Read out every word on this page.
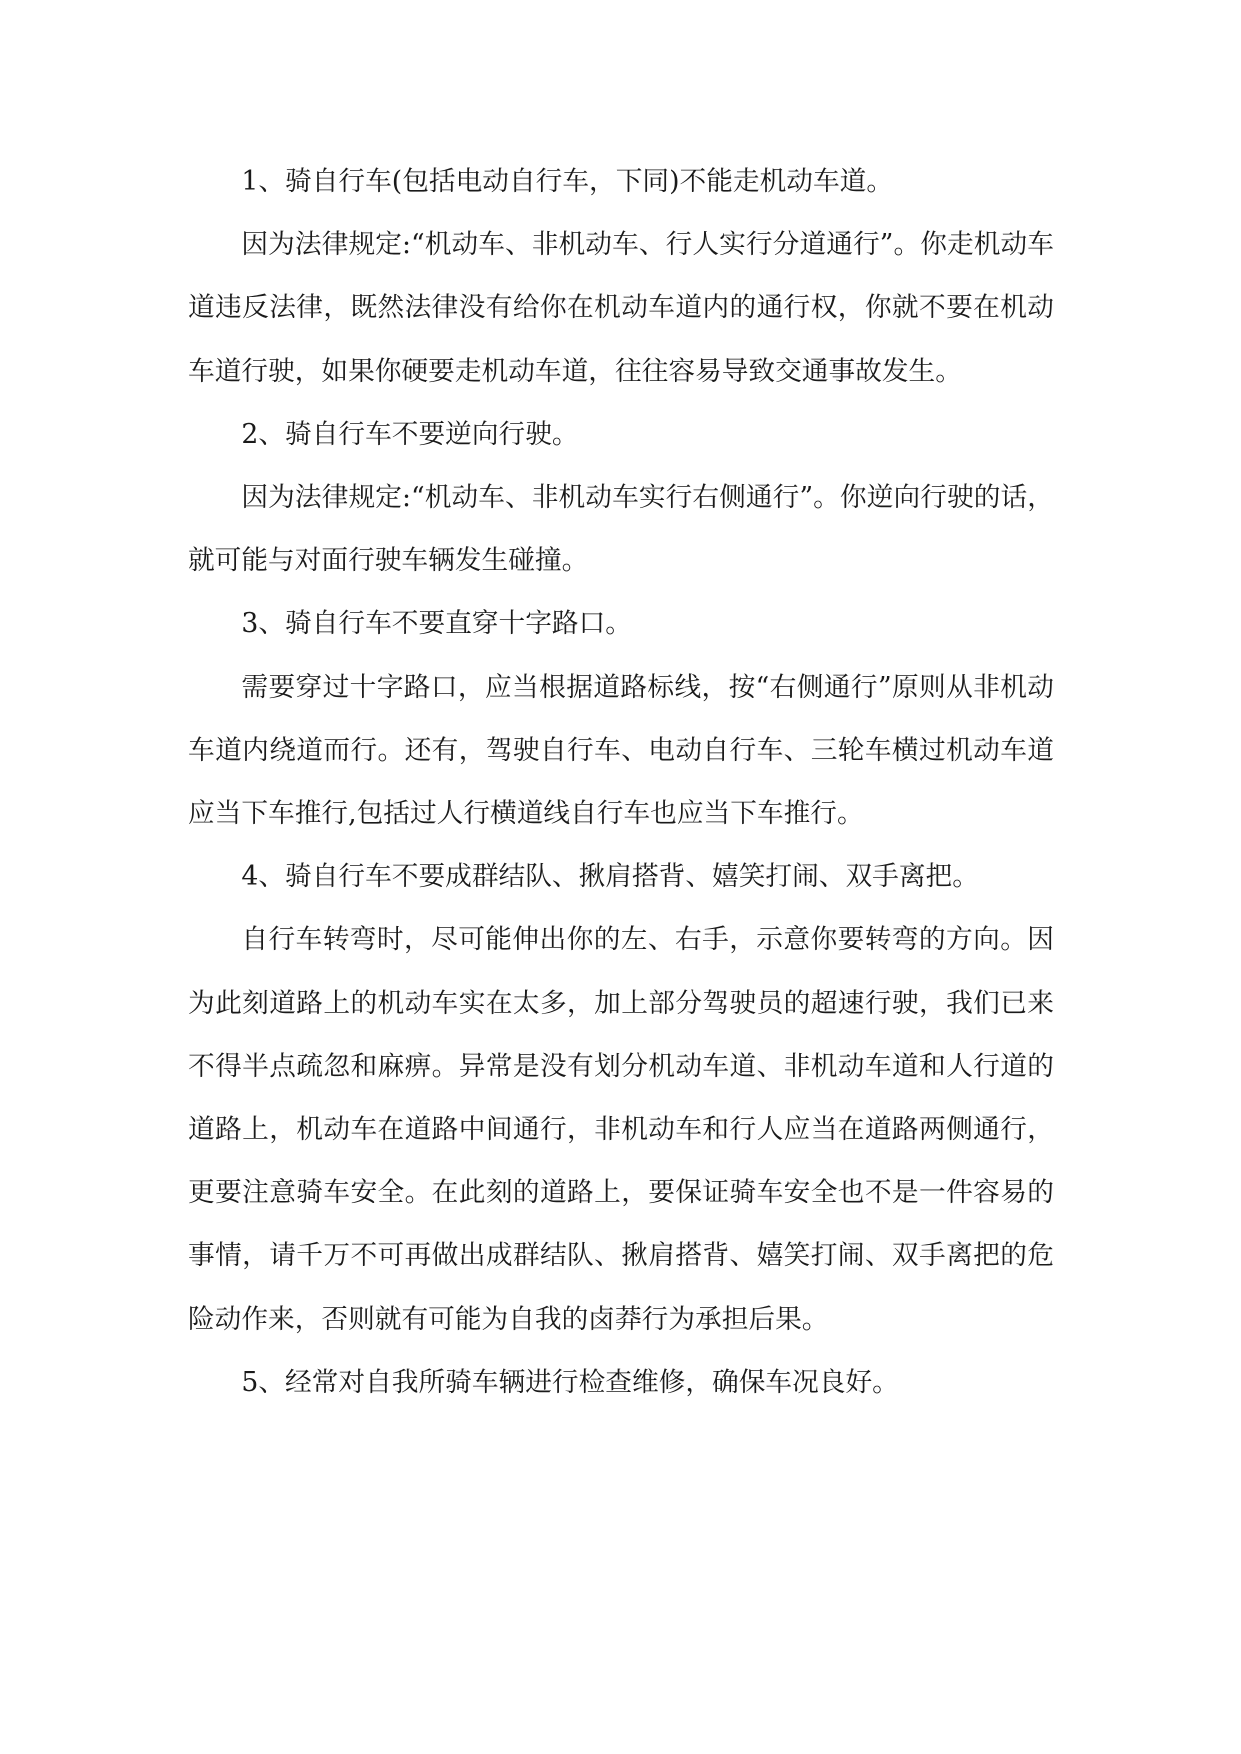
1、骑自行车(包括电动自行车，下同)不能走机动车道。

因为法律规定:“机动车、非机动车、行人实行分道通行”。你走机动车道违反法律，既然法律没有给你在机动车道内的通行权，你就不要在机动车道行驶，如果你硬要走机动车道，往往容易导致交通事故发生。

2、骑自行车不要逆向行驶。

因为法律规定:“机动车、非机动车实行右侧通行”。你逆向行驶的话，就可能与对面行驶车辆发生碰撞。

3、骑自行车不要直穿十字路口。

需要穿过十字路口，应当根据道路标线，按“右侧通行”原则从非机动车道内绕道而行。还有，驾驶自行车、电动自行车、三轮车横过机动车道应当下车推行,包括过人行横道线自行车也应当下车推行。

4、骑自行车不要成群结队、揪肩搭背、嬉笑打闹、双手离把。

自行车转弯时，尽可能伸出你的左、右手，示意你要转弯的方向。因为此刻道路上的机动车实在太多，加上部分驾驶员的超速行驶，我们已来不得半点疏忽和麻痹。异常是没有划分机动车道、非机动车道和人行道的道路上，机动车在道路中间通行，非机动车和行人应当在道路两侧通行，更要注意骑车安全。在此刻的道路上，要保证骑车安全也不是一件容易的事情，请千万不可再做出成群结队、揪肩搭背、嬉笑打闹、双手离把的危险动作来，否则就有可能为自我的卤莽行为承担后果。

5、经常对自我所骑车辆进行检查维修，确保车况良好。
